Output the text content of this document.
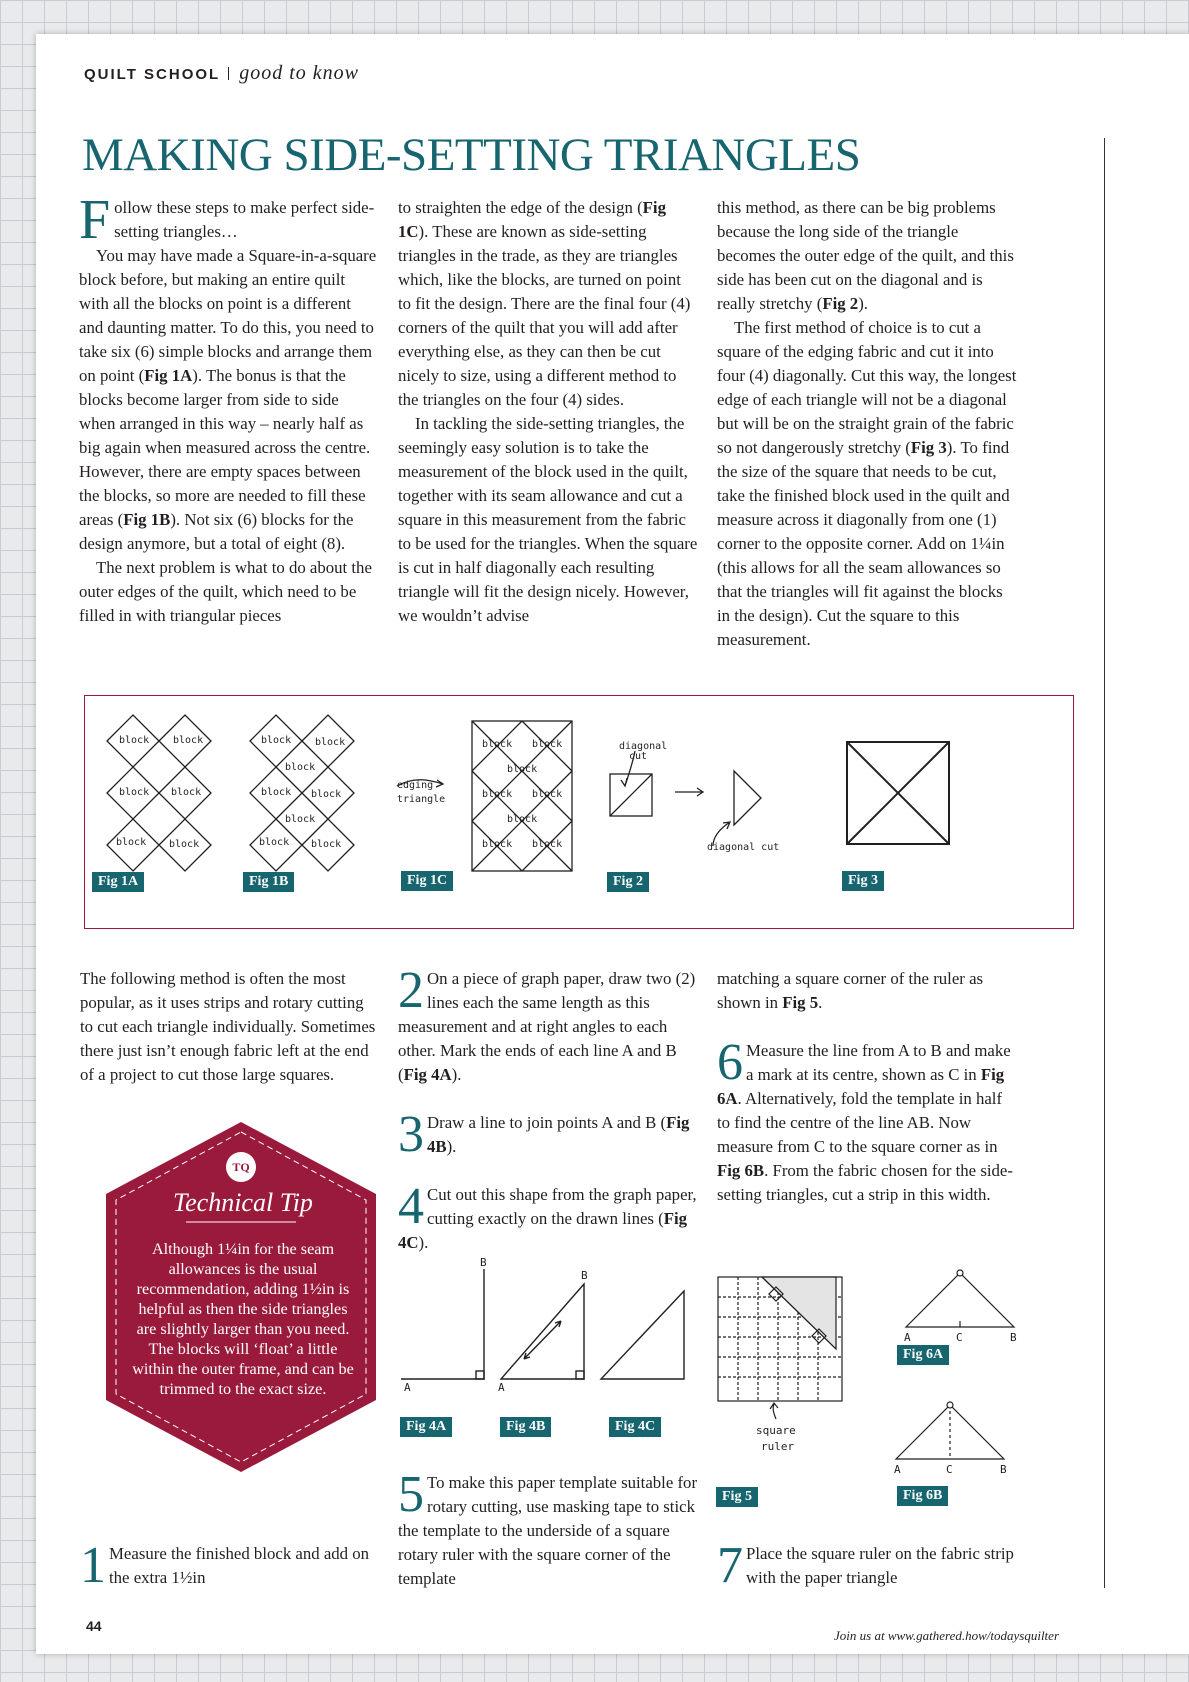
QUILT SCHOOL good to know
MAKING SIDE-SETTING TRIANGLES

Follow these steps to make perfect side-setting triangles…

You may have made a Square-in-a-square block before, but making an entire quilt with all the blocks on point is a different and daunting matter. To do this, you need to take six (6) simple blocks and arrange them on point (Fig 1A). The bonus is that the blocks become larger from side to side when arranged in this way – nearly half as big again when measured across the centre. However, there are empty spaces between the blocks, so more are needed to fill these areas (Fig 1B). Not six (6) blocks for the design anymore, but a total of eight (8).

The next problem is what to do about the outer edges of the quilt, which need to be filled in with triangular pieces

to straighten the edge of the design (Fig 1C). These are known as side-setting triangles in the trade, as they are triangles which, like the blocks, are turned on point to fit the design. There are the final four (4) corners of the quilt that you will add after everything else, as they can then be cut nicely to size, using a different method to the triangles on the four (4) sides.

In tackling the side-setting triangles, the seemingly easy solution is to take the measurement of the block used in the quilt, together with its seam allowance and cut a square in this measurement from the fabric to be used for the triangles. When the square is cut in half diagonally each resulting triangle will fit the design nicely. However, we wouldn’t advise

this method, as there can be big problems because the long side of the triangle becomes the outer edge of the quilt, and this side has been cut on the diagonal and is really stretchy (Fig 2).

The first method of choice is to cut a square of the edging fabric and cut it into four (4) diagonally. Cut this way, the longest edge of each triangle will not be a diagonal but will be on the straight grain of the fabric so not dangerously stretchy (Fig 3). To find the size of the square that needs to be cut, take the finished block used in the quilt and measure across it diagonally from one (1) corner to the opposite corner. Add on 1¼in (this allows for all the seam allowances so that the triangles will fit against the blocks in the design). Cut the square to this measurement.

block block
block block
block block
block block
block
block block
block
block block
block block
block
block block
block
block block
edging
triangle
diagonal
cut
diagonal cut
Fig 1A	Fig 1B	Fig 1C	Fig 2	Fig 3

The following method is often the most popular, as it uses strips and rotary cutting to cut each triangle individually. Sometimes there just isn’t enough fabric left at the end of a project to cut those large squares.

TQ
Technical Tip
Although 1¼in for the seam allowances is the usual recommendation, adding 1½in is helpful as then the side triangles are slightly larger than you need. The blocks will ‘float’ a little within the outer frame, and can be trimmed to the exact size.

1 Measure the finished block and add on the extra 1½in

2 On a piece of graph paper, draw two (2) lines each the same length as this measurement and at right angles to each other. Mark the ends of each line A and B (Fig 4A).

3 Draw a line to join points A and B (Fig 4B).

4 Cut out this shape from the graph paper, cutting exactly on the drawn lines (Fig 4C).

A
B
A
B
Fig 4A	Fig 4B	Fig 4C

5 To make this paper template suitable for rotary cutting, use masking tape to stick the template to the underside of a square rotary ruler with the square corner of the template

matching a square corner of the ruler as shown in Fig 5.

6 Measure the line from A to B and make a mark at its centre, shown as C in Fig 6A. Alternatively, fold the template in half to find the centre of the line AB. Now measure from C to the square corner as in Fig 6B. From the fabric chosen for the side-setting triangles, cut a strip in this width.

A	C	B
A	C	B
square
ruler
Fig 5
Fig 6A
Fig 6B

7 Place the square ruler on the fabric strip with the paper triangle

44
Join us at www.gathered.how/todaysquilter
